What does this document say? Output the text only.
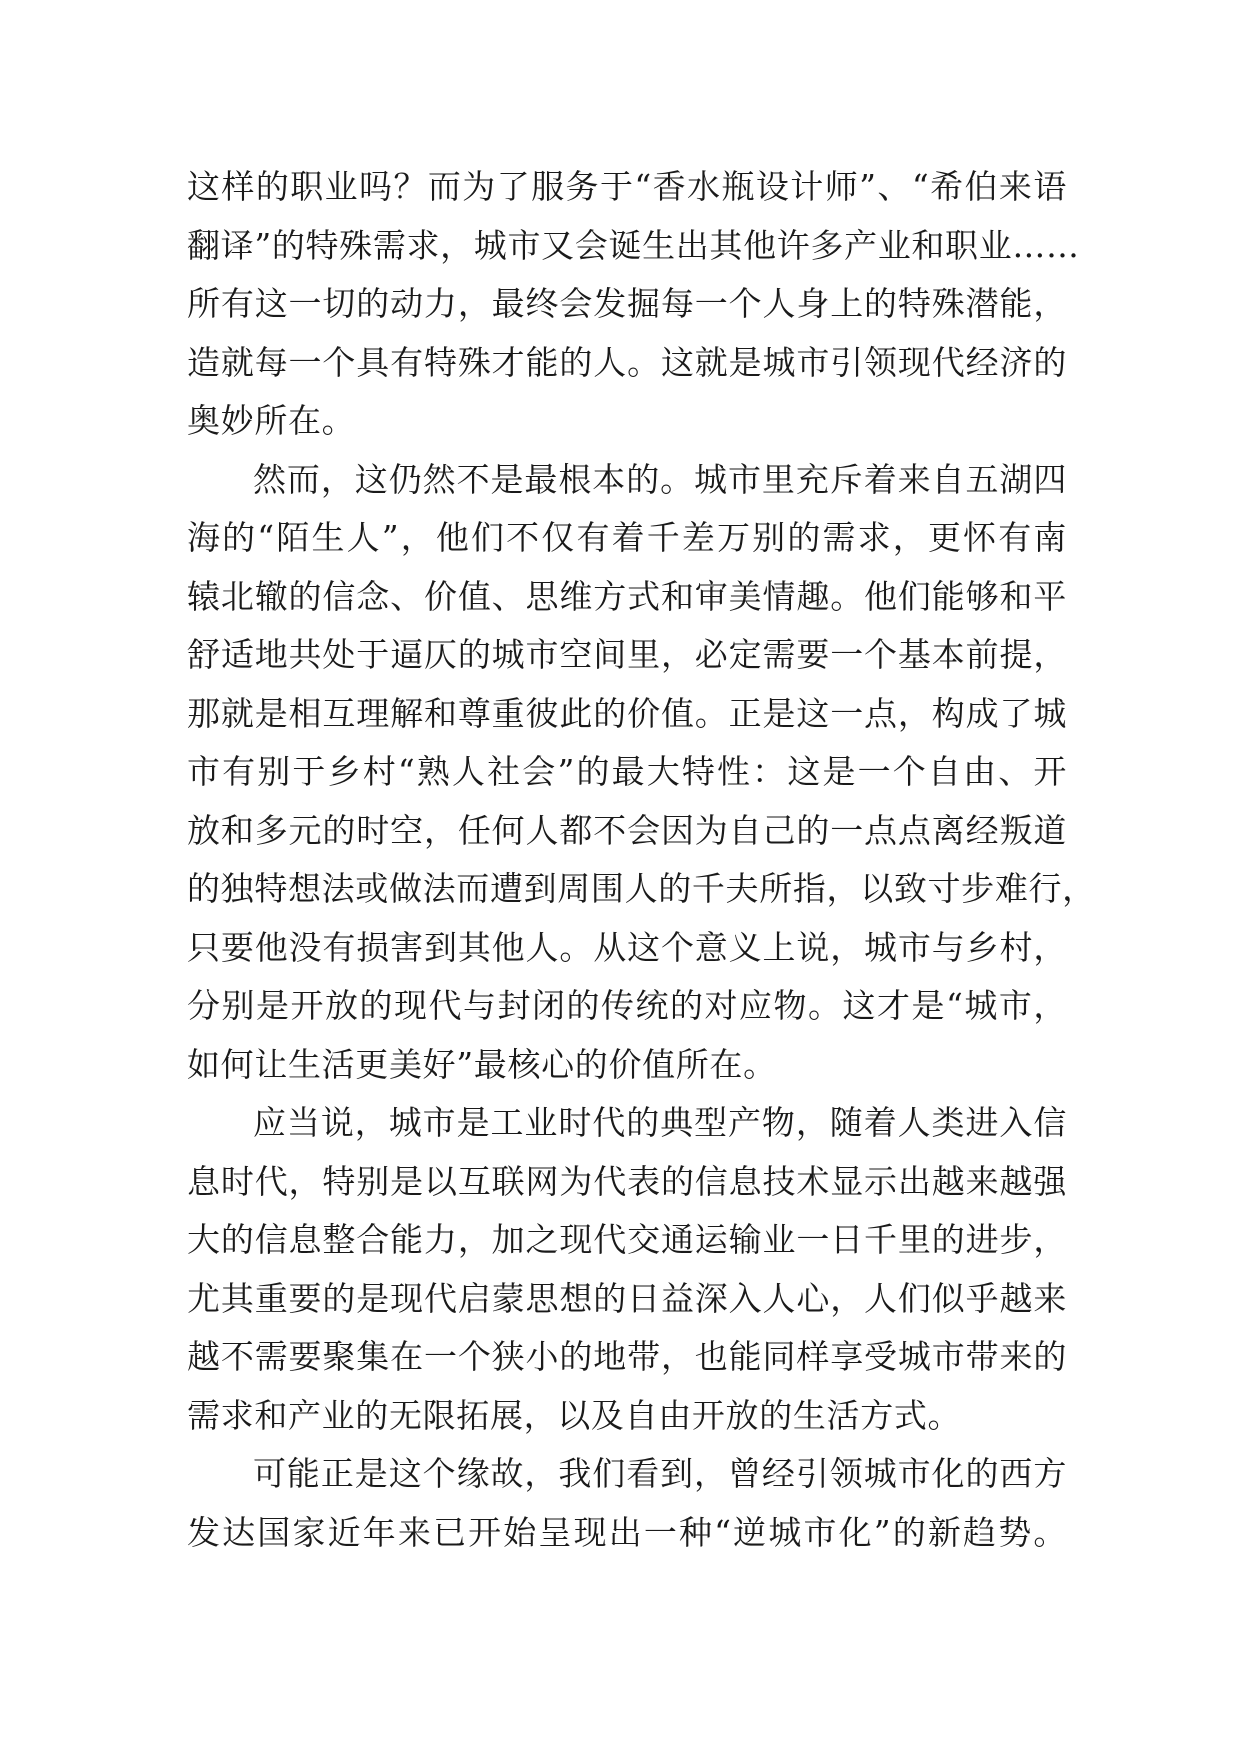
这样的职业吗？而为了服务于“香水瓶设计师”、“希伯来语
翻译”的特殊需求，城市又会诞生出其他许多产业和职业……
所有这一切的动力，最终会发掘每一个人身上的特殊潜能，
造就每一个具有特殊才能的人。这就是城市引领现代经济的
奥妙所在。
然而，这仍然不是最根本的。城市里充斥着来自五湖四
海的“陌生人”，他们不仅有着千差万别的需求，更怀有南
辕北辙的信念、价值、思维方式和审美情趣。他们能够和平
舒适地共处于逼仄的城市空间里，必定需要一个基本前提，
那就是相互理解和尊重彼此的价值。正是这一点，构成了城
市有别于乡村“熟人社会”的最大特性：这是一个自由、开
放和多元的时空，任何人都不会因为自己的一点点离经叛道
的独特想法或做法而遭到周围人的千夫所指，以致寸步难行，
只要他没有损害到其他人。从这个意义上说，城市与乡村，
分别是开放的现代与封闭的传统的对应物。这才是“城市，
如何让生活更美好”最核心的价值所在。
应当说，城市是工业时代的典型产物，随着人类进入信
息时代，特别是以互联网为代表的信息技术显示出越来越强
大的信息整合能力，加之现代交通运输业一日千里的进步，
尤其重要的是现代启蒙思想的日益深入人心，人们似乎越来
越不需要聚集在一个狭小的地带，也能同样享受城市带来的
需求和产业的无限拓展，以及自由开放的生活方式。
可能正是这个缘故，我们看到，曾经引领城市化的西方
发达国家近年来已开始呈现出一种“逆城市化”的新趋势。
